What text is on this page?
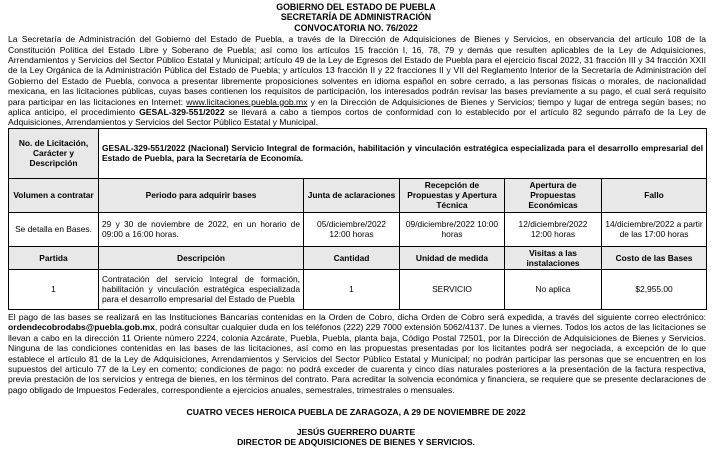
GOBIERNO DEL ESTADO DE PUEBLA
SECRETARÍA DE ADMINISTRACIÓN
CONVOCATORIA NO. 76/2022

La Secretaría de Administración del Gobierno del Estado de Puebla, a través de la Dirección de Adquisiciones de Bienes y Servicios, en observancia del artículo 108 de la Constitución Política del Estado Libre y Soberano de Puebla; así como los artículos 15 fracción I, 16, 78, 79 y demás que resulten aplicables de la Ley de Adquisiciones, Arrendamientos y Servicios del Sector Público Estatal y Municipal; artículo 49 de la Ley de Egresos del Estado de Puebla para el ejercicio fiscal 2022, 31 fracción III y 34 fracción XXII de la Ley Orgánica de la Administración Pública del Estado de Puebla; y artículos 13 fracción II y 22 fracciones II y VII del Reglamento Interior de la Secretaría de Administración del Gobierno del Estado de Puebla, convoca a presentar libremente proposiciones solventes en idioma español en sobre cerrado, a las personas físicas o morales, de nacionalidad mexicana, en las licitaciones públicas, cuyas bases contienen los requisitos de participación, los interesados podrán revisar las bases previamente a su pago, el cual será requisito para participar en las licitaciones en Internet: www.licitaciones.puebla.gob.mx y en la Dirección de Adquisiciones de Bienes y Servicios; tiempo y lugar de entrega según bases; no aplica anticipo, el procedimiento GESAL-329-551/2022 se llevará a cabo a tiempos cortos de conformidad con lo establecido por el artículo 82 segundo párrafo de la Ley de Adquisiciones, Arrendamientos y Servicios del Sector Público Estatal y Municipal.

No. de Licitación, Carácter y Descripción	GESAL-329-551/2022 (Nacional) Servicio Integral de formación, habilitación y vinculación estratégica especializada para el desarrollo empresarial del Estado de Puebla, para la Secretaría de Economía.				
Volumen a contratar	Periodo para adquirir bases	Junta de aclaraciones	Recepción de Propuestas y Apertura Técnica	Apertura de Propuestas Económicas	Fallo
Se detalla en Bases.	29 y 30 de noviembre de 2022, en un horario de 09:00 a 16:00 horas.	05/diciembre/2022 12:00 horas	09/diciembre/2022 10:00 horas	12/diciembre/2022 12:00 horas	14/diciembre/2022 a partir de las 17:00 horas
Partida	Descripción	Cantidad	Unidad de medida	Visitas a las instalaciones	Costo de las Bases
1	Contratación del servicio Integral de formación, habilitación y vinculación estratégica especializada para el desarrollo empresarial del Estado de Puebla	1	SERVICIO	No aplica	$2,955.00

El pago de las bases se realizará en las Instituciones Bancarias contenidas en la Orden de Cobro, dicha Orden de Cobro será expedida, a través del siguiente correo electrónico: ordendecobrodabs@puebla.gob.mx, podrá consultar cualquier duda en los teléfonos (222) 229 7000 extensión 5062/4137. De lunes a viernes. Todos los actos de las licitaciones se llevan a cabo en la dirección 11 Oriente número 2224, colonia Azcárate, Puebla, Puebla, planta baja, Código Postal 72501, por la Dirección de Adquisiciones de Bienes y Servicios. Ninguna de las condiciones contenidas en las bases de las licitaciones, así como en las propuestas presentadas por los licitantes podrá ser negociada, a excepción de lo que establece el artículo 81 de la Ley de Adquisiciones, Arrendamientos y Servicios del Sector Público Estatal y Municipal; no podrán participar las personas que se encuentren en los supuestos del artículo 77 de la Ley en comento; condiciones de pago: no podrá exceder de cuarenta y cinco días naturales posteriores a la presentación de la factura respectiva, previa prestación de los servicios y entrega de bienes, en los términos del contrato. Para acreditar la solvencia económica y financiera, se requiere que se presente declaraciones de pago obligado de Impuestos Federales, correspondiente a ejercicios anuales, semestrales, trimestrales o mensuales.

CUATRO VECES HEROICA PUEBLA DE ZARAGOZA, A 29 DE NOVIEMBRE DE 2022
JESÚS GUERRERO DUARTE
DIRECTOR DE ADQUISICIONES DE BIENES Y SERVICIOS.
